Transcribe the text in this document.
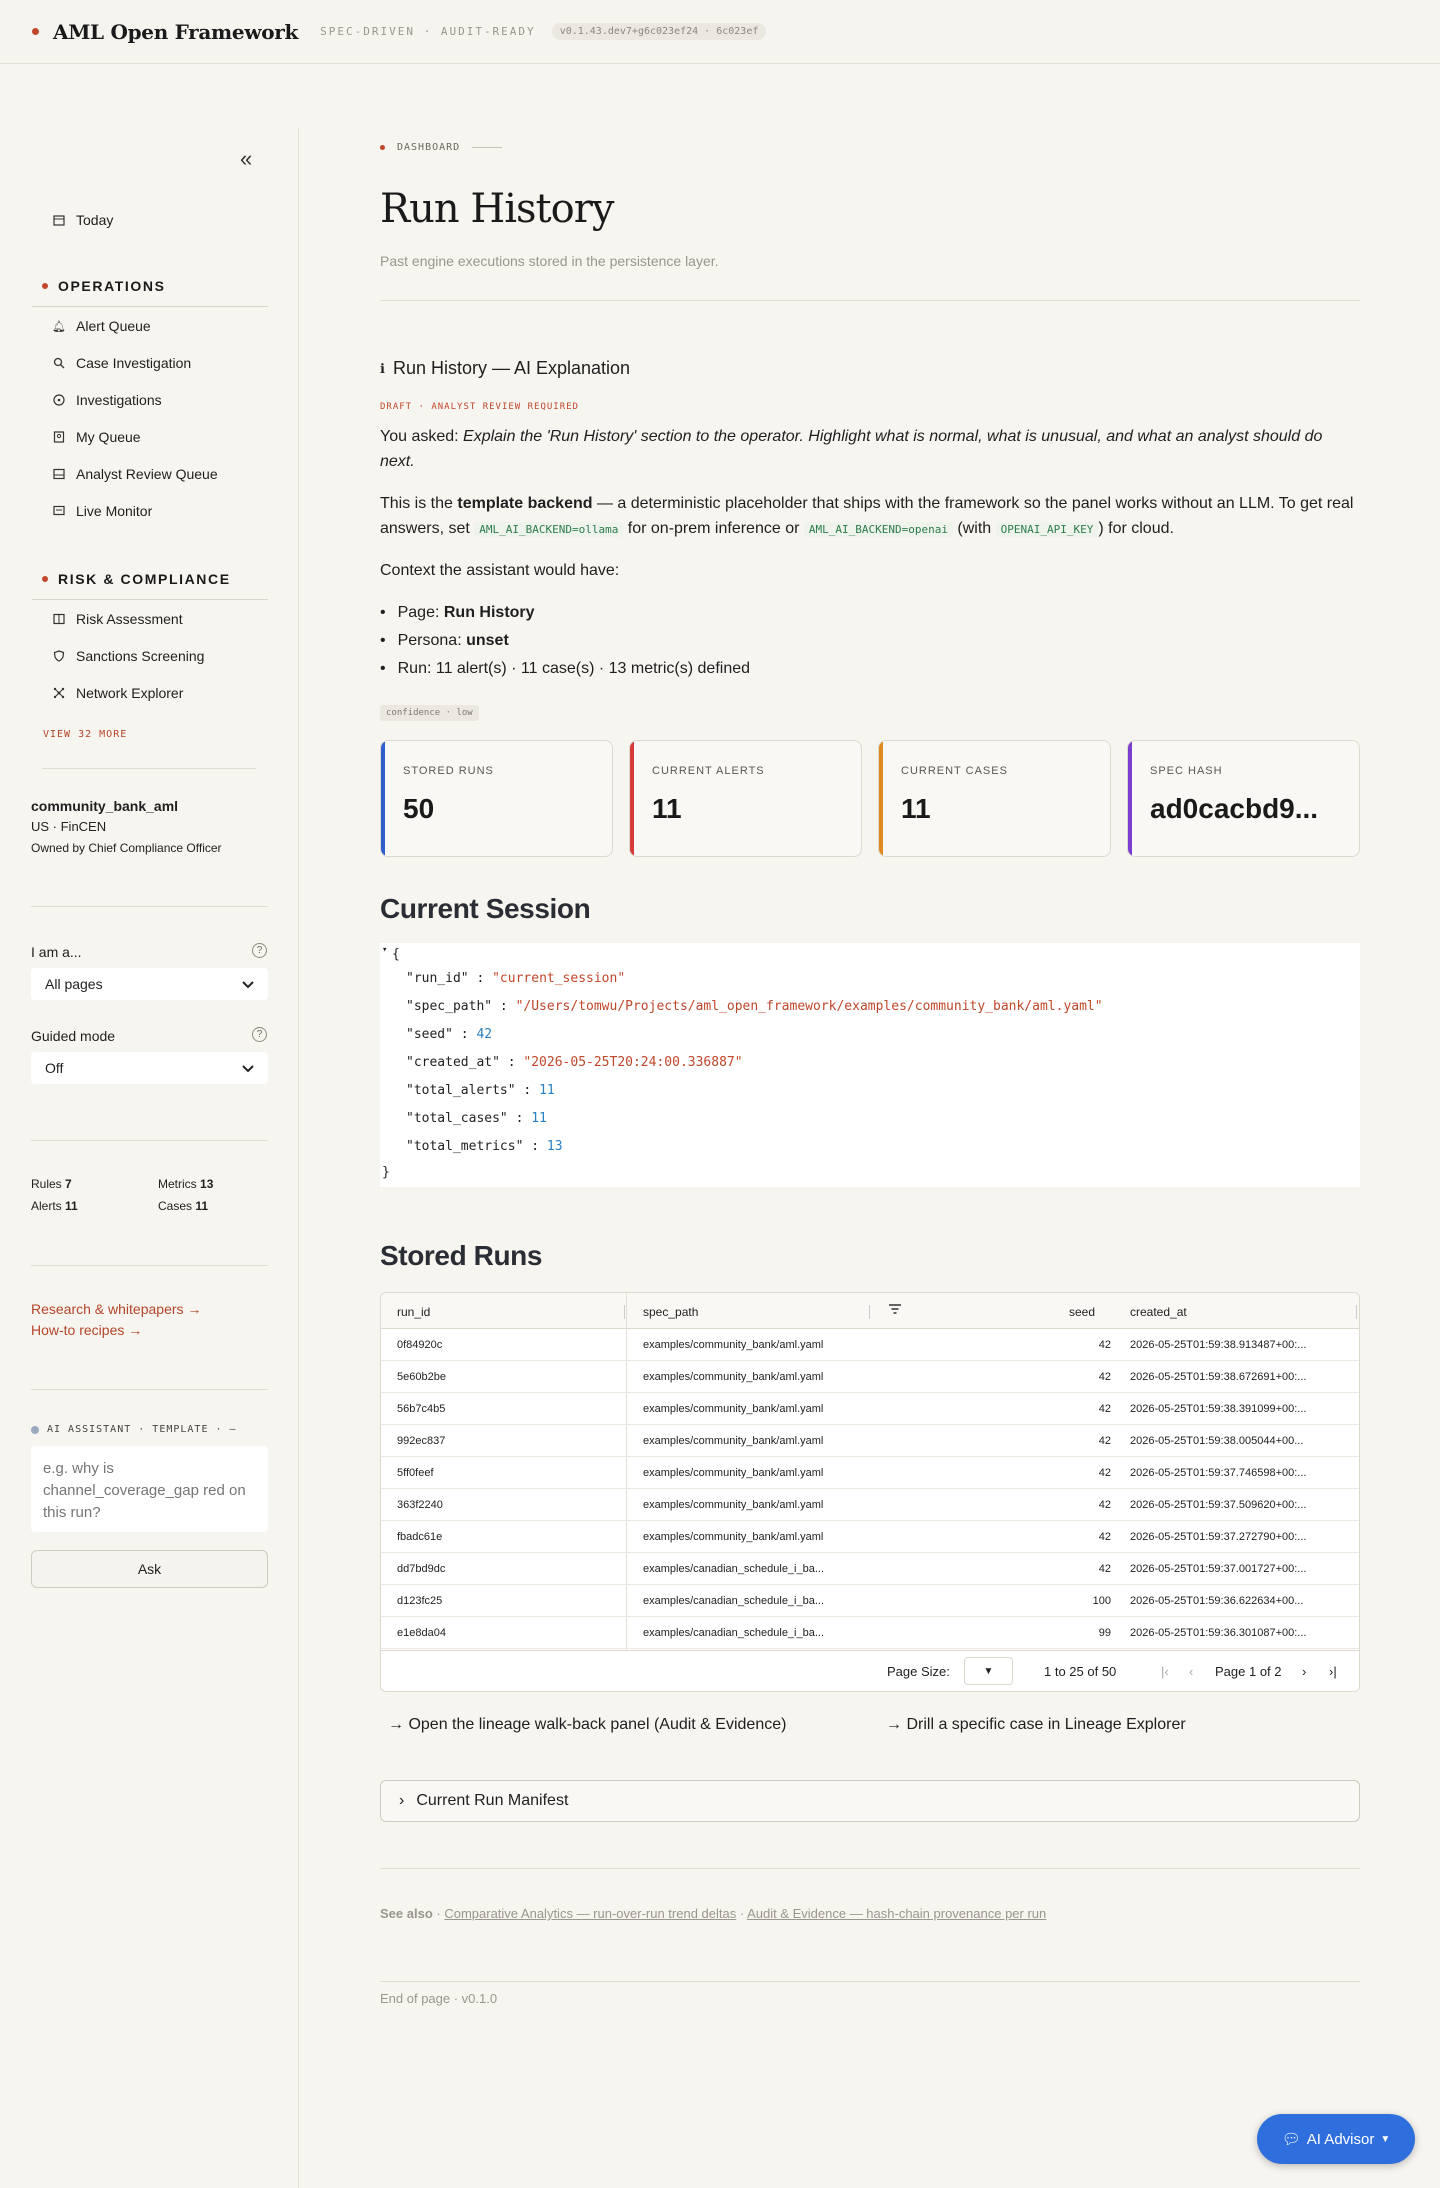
AML Open Framework SPEC-DRIVEN · AUDIT-READY	v0.1.43.dev7+g6c023ef24 · 6c023ef
«
Today
OPERATIONS
🔔︎ Alert Queue
Case Investigation
Investigations
My Queue
Analyst Review Queue
Live Monitor
RISK & COMPLIANCE
Risk Assessment
Sanctions Screening
Network Explorer
VIEW 32 MORE
community_bank_aml
US · FinCEN
Owned by Chief Compliance Officer
I am a...	?
All pages
Guided mode	?
Off
Rules 7	Metrics 13
Alerts 11	Cases 11
Research & whitepapers →
How-to recipes →
AI ASSISTANT · TEMPLATE · —
e.g. why is channel_coverage_gap red on this run?
Ask
DASHBOARD
Run History
Past engine executions stored in the persistence layer.
ℹ Run History — AI Explanation
DRAFT · ANALYST REVIEW REQUIRED
You asked: Explain the 'Run History' section to the operator. Highlight what is normal, what is unusual, and what an analyst should do next.
This is the template backend — a deterministic placeholder that ships with the framework so the panel works without an LLM. To get real answers, set AML_AI_BACKEND=ollama for on-prem inference or AML_AI_BACKEND=openai (with OPENAI_API_KEY ) for cloud.
Context the assistant would have:
• Page: Run History
• Persona: unset
• Run: 11 alert(s) · 11 case(s) · 13 metric(s) defined
confidence · low
STORED RUNS
50
CURRENT ALERTS
11
CURRENT CASES
11
SPEC HASH
ad0cacbd9...
Current Session
▾ {
"run_id" : "current_session"
"spec_path" : "/Users/tomwu/Projects/aml_open_framework/examples/community_bank/aml.yaml"
"seed" : 42
"created_at" : "2026-05-25T20:24:00.336887"
"total_alerts" : 11
"total_cases" : 11
"total_metrics" : 13
}
Stored Runs
run_id	spec_path	seed	created_at
0f84920c	examples/community_bank/aml.yaml	42 2026-05-25T01:59:38.913487+00:...
5e60b2be	examples/community_bank/aml.yaml	42 2026-05-25T01:59:38.672691+00:...
56b7c4b5	examples/community_bank/aml.yaml	42 2026-05-25T01:59:38.391099+00:...
992ec837	examples/community_bank/aml.yaml	42 2026-05-25T01:59:38.005044+00...
5ff0feef	examples/community_bank/aml.yaml	42 2026-05-25T01:59:37.746598+00:...
363f2240	examples/community_bank/aml.yaml	42 2026-05-25T01:59:37.509620+00:...
fbadc61e	examples/community_bank/aml.yaml	42 2026-05-25T01:59:37.272790+00:...
dd7bd9dc	examples/canadian_schedule_i_ba...	42 2026-05-25T01:59:37.001727+00:...
d123fc25	examples/canadian_schedule_i_ba...	100 2026-05-25T01:59:36.622634+00...
e1e8da04	examples/canadian_schedule_i_ba...	99 2026-05-25T01:59:36.301087+00:...
Page Size:	▼	1 to 25 of 50	|‹ ‹ Page 1 of 2 › ›|
→ Open the lineage walk-back panel (Audit & Evidence)	→ Drill a specific case in Lineage Explorer
› Current Run Manifest
See also · Comparative Analytics — run-over-run trend deltas · Audit & Evidence — hash-chain provenance per run
End of page · v0.1.0
💬︎ AI Advisor ▼
